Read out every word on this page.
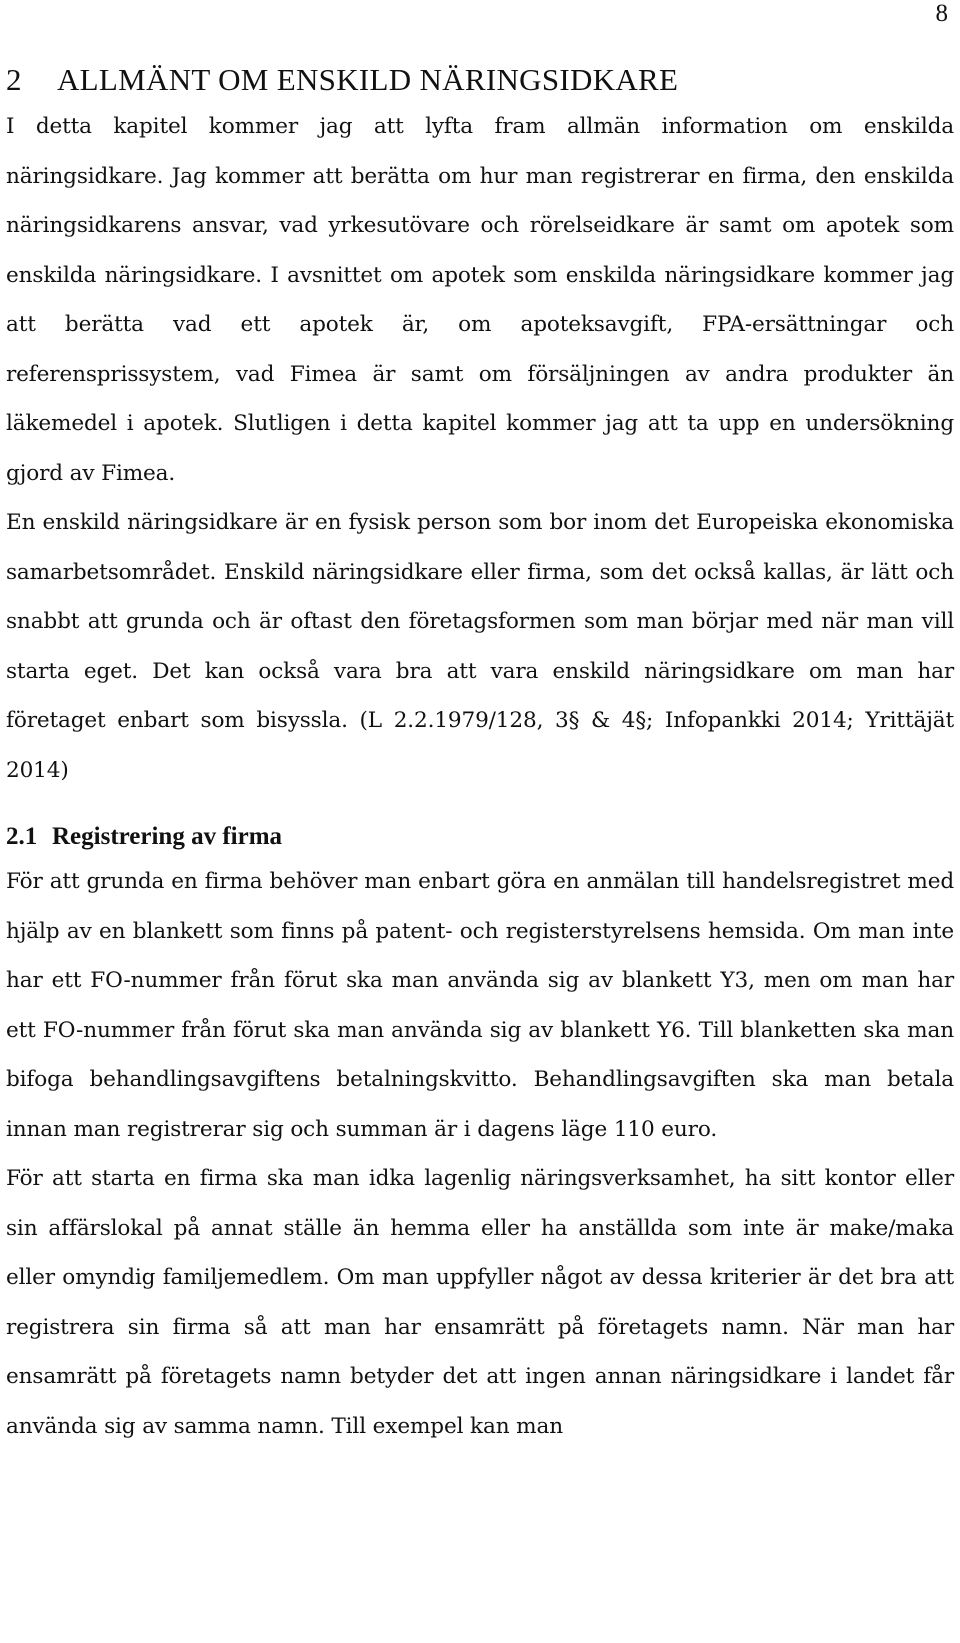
8
2	ALLMÄNT OM ENSKILD NÄRINGSIDKARE

I detta kapitel kommer jag att lyfta fram allmän information om enskilda näringsidkare. Jag kommer att berätta om hur man registrerar en firma, den enskilda näringsidkarens ansvar, vad yrkesutövare och rörelseidkare är samt om apotek som enskilda näringsidkare. I avsnittet om apotek som enskilda näringsidkare kommer jag att berätta vad ett apotek är, om apoteksavgift, FPA-ersättningar och referensprissystem, vad Fimea är samt om försäljningen av andra produkter än läkemedel i apotek. Slutligen i detta kapitel kommer jag att ta upp en undersökning gjord av Fimea.

En enskild näringsidkare är en fysisk person som bor inom det Europeiska ekonomiska samarbetsområdet. Enskild näringsidkare eller firma, som det också kallas, är lätt och snabbt att grunda och är oftast den företagsformen som man börjar med när man vill starta eget. Det kan också vara bra att vara enskild näringsidkare om man har företaget enbart som bisyssla. (L 2.2.1979/128, 3§ & 4§; Infopankki 2014; Yrittäjät 2014)

2.1 Registrering av firma

För att grunda en firma behöver man enbart göra en anmälan till handelsregistret med hjälp av en blankett som finns på patent- och registerstyrelsens hemsida. Om man inte har ett FO-nummer från förut ska man använda sig av blankett Y3, men om man har ett FO-nummer från förut ska man använda sig av blankett Y6. Till blanketten ska man bifoga behandlingsavgiftens betalningskvitto. Behandlingsavgiften ska man betala innan man registrerar sig och summan är i dagens läge 110 euro.

För att starta en firma ska man idka lagenlig näringsverksamhet, ha sitt kontor eller sin affärslokal på annat ställe än hemma eller ha anställda som inte är make/maka eller omyndig familjemedlem. Om man uppfyller något av dessa kriterier är det bra att registrera sin firma så att man har ensamrätt på företagets namn. När man har ensamrätt på företagets namn betyder det att ingen annan näringsidkare i landet får använda sig av samma namn. Till exempel kan man
